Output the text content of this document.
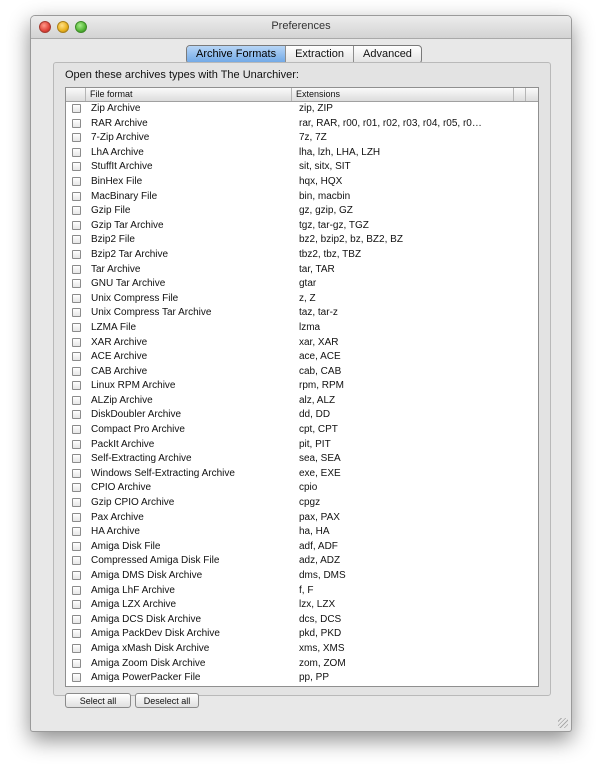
Preferences
Archive Formats	Extraction	Advanced
Open these archives types with The Unarchiver:
File format	Extensions
Zip Archive	zip, ZIP
RAR Archive	rar, RAR, r00, r01, r02, r03, r04, r05, r0…
7-Zip Archive	7z, 7Z
LhA Archive	lha, lzh, LHA, LZH
StuffIt Archive	sit, sitx, SIT
BinHex File	hqx, HQX
MacBinary File	bin, macbin
Gzip File	gz, gzip, GZ
Gzip Tar Archive	tgz, tar-gz, TGZ
Bzip2 File	bz2, bzip2, bz, BZ2, BZ
Bzip2 Tar Archive	tbz2, tbz, TBZ
Tar Archive	tar, TAR
GNU Tar Archive	gtar
Unix Compress File	z, Z
Unix Compress Tar Archive	taz, tar-z
LZMA File	lzma
XAR Archive	xar, XAR
ACE Archive	ace, ACE
CAB Archive	cab, CAB
Linux RPM Archive	rpm, RPM
ALZip Archive	alz, ALZ
DiskDoubler Archive	dd, DD
Compact Pro Archive	cpt, CPT
PackIt Archive	pit, PIT
Self-Extracting Archive	sea, SEA
Windows Self-Extracting Archive	exe, EXE
CPIO Archive	cpio
Gzip CPIO Archive	cpgz
Pax Archive	pax, PAX
HA Archive	ha, HA
Amiga Disk File	adf, ADF
Compressed Amiga Disk File	adz, ADZ
Amiga DMS Disk Archive	dms, DMS
Amiga LhF Archive	f, F
Amiga LZX Archive	lzx, LZX
Amiga DCS Disk Archive	dcs, DCS
Amiga PackDev Disk Archive	pkd, PKD
Amiga xMash Disk Archive	xms, XMS
Amiga Zoom Disk Archive	zom, ZOM
Amiga PowerPacker File	pp, PP
Select all	Deselect all
